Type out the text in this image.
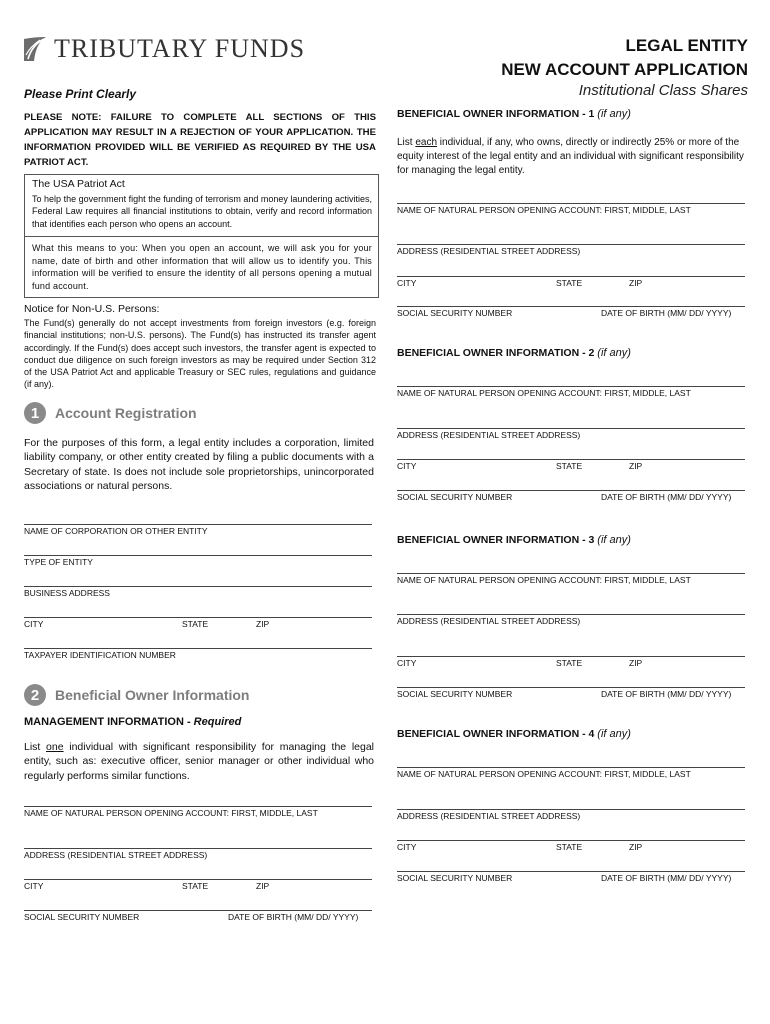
TRIBUTARY FUNDS	LEGAL ENTITY
NEW ACCOUNT APPLICATION
Institutional Class Shares
Please Print Clearly
PLEASE NOTE: FAILURE TO COMPLETE ALL SECTIONS OF THIS APPLICATION MAY RESULT IN A REJECTION OF YOUR APPLICATION. THE INFORMATION PROVIDED WILL BE VERIFIED AS REQUIRED BY THE USA PATRIOT ACT.
The USA Patriot Act

To help the government fight the funding of terrorism and money laundering activities, Federal Law requires all financial institutions to obtain, verify and record information that identifies each person who opens an account.

What this means to you: When you open an account, we will ask you for your name, date of birth and other information that will allow us to identify you. This information will be verified to ensure the identity of all persons opening a mutual fund account.

Notice for Non-U.S. Persons:
The Fund(s) generally do not accept investments from foreign investors (e.g. foreign financial institutions; non-U.S. persons). The Fund(s) has instructed its transfer agent accordingly. If the Fund(s) does accept such investors, the transfer agent is expected to conduct due diligence on such foreign investors as may be required under Section 312 of the USA Patriot Act and applicable Treasury or SEC rules, regulations and guidance (if any).
1	Account Registration
For the purposes of this form, a legal entity includes a corporation, limited liability company, or other entity created by filing a public documents with a Secretary of state. Is does not include sole proprietorships, unincorporated associations or natural persons.
NAME OF CORPORATION OR OTHER ENTITY
TYPE OF ENTITY
BUSINESS ADDRESS
CITY	STATE	ZIP
TAXPAYER IDENTIFICATION NUMBER
2	Beneficial Owner Information
MANAGEMENT INFORMATION - Required
List one individual with significant responsibility for managing the legal entity, such as: executive officer, senior manager or other individual who regularly performs similar functions.
NAME OF NATURAL PERSON OPENING ACCOUNT: FIRST, MIDDLE, LAST
ADDRESS (RESIDENTIAL STREET ADDRESS)
CITY	STATE	ZIP
SOCIAL SECURITY NUMBER	DATE OF BIRTH (MM/ DD/ YYYY)
BENEFICIAL OWNER INFORMATION - 1 (if any)
List each individual, if any, who owns, directly or indirectly 25% or more of the equity interest of the legal entity and an individual with significant responsibility for managing the legal entity.
NAME OF NATURAL PERSON OPENING ACCOUNT: FIRST, MIDDLE, LAST
ADDRESS (RESIDENTIAL STREET ADDRESS)
CITY	STATE	ZIP
SOCIAL SECURITY NUMBER	DATE OF BIRTH (MM/ DD/ YYYY)
BENEFICIAL OWNER INFORMATION - 2 (if any)
NAME OF NATURAL PERSON OPENING ACCOUNT: FIRST, MIDDLE, LAST
ADDRESS (RESIDENTIAL STREET ADDRESS)
CITY	STATE	ZIP
SOCIAL SECURITY NUMBER	DATE OF BIRTH (MM/ DD/ YYYY)
BENEFICIAL OWNER INFORMATION - 3 (if any)
NAME OF NATURAL PERSON OPENING ACCOUNT: FIRST, MIDDLE, LAST
ADDRESS (RESIDENTIAL STREET ADDRESS)
CITY	STATE	ZIP
SOCIAL SECURITY NUMBER	DATE OF BIRTH (MM/ DD/ YYYY)
BENEFICIAL OWNER INFORMATION - 4 (if any)
NAME OF NATURAL PERSON OPENING ACCOUNT: FIRST, MIDDLE, LAST
ADDRESS (RESIDENTIAL STREET ADDRESS)
CITY	STATE	ZIP
SOCIAL SECURITY NUMBER	DATE OF BIRTH (MM/ DD/ YYYY)
